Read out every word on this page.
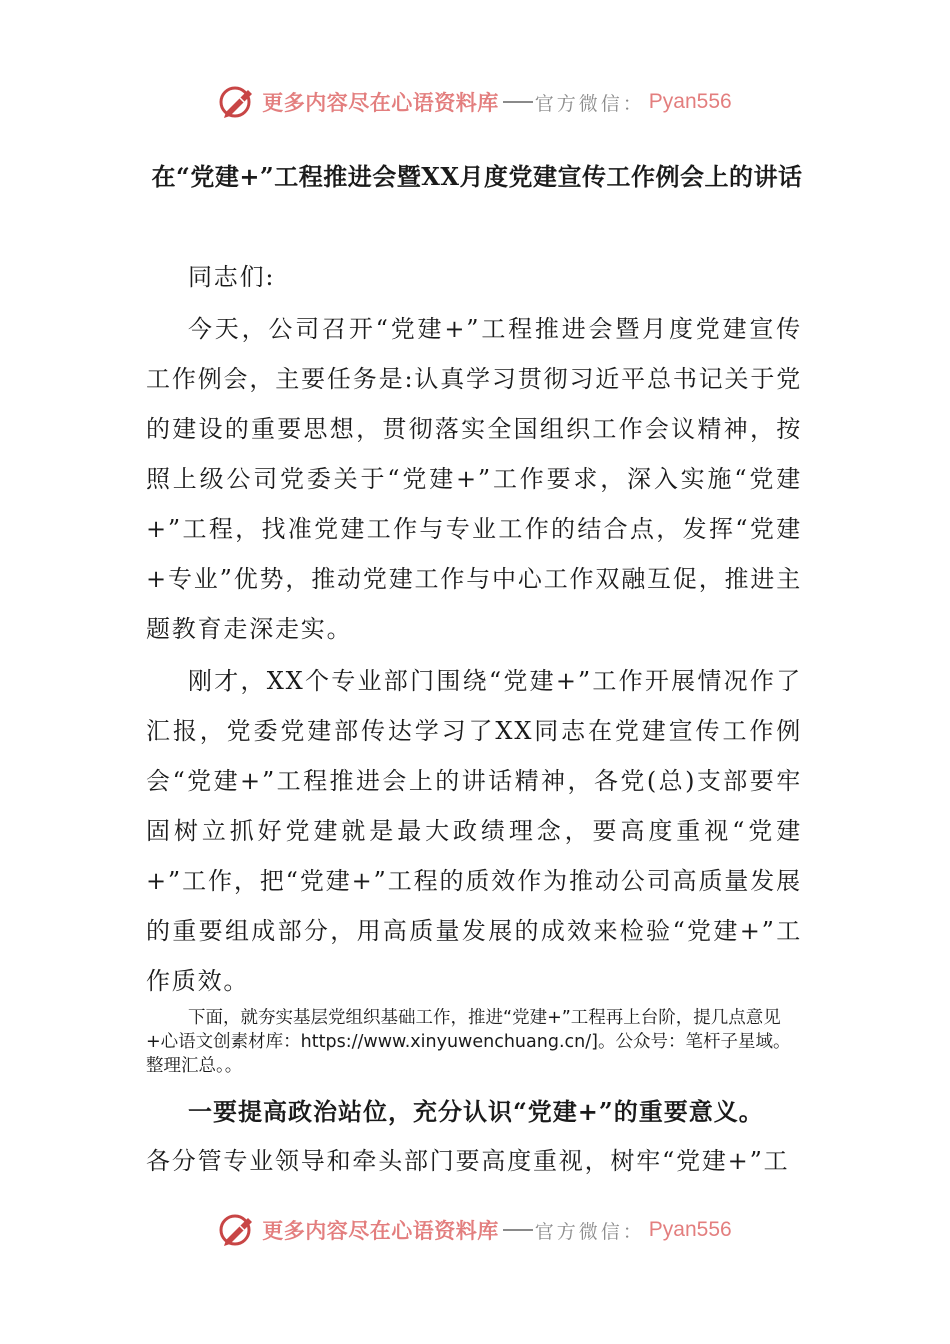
更多内容尽在心语资料库 官方微信： Pyan556
在“党建+”工程推进会暨XX月度党建宣传工作例会上的讲话

同志们:

今天，公司召开“党建+”工程推进会暨月度党建宣传工作例会，主要任务是:认真学习贯彻习近平总书记关于党的建设的重要思想，贯彻落实全国组织工作会议精神，按照上级公司党委关于“党建+”工作要求，深入实施“党建+”工程，找准党建工作与专业工作的结合点，发挥“党建+专业”优势，推动党建工作与中心工作双融互促，推进主题教育走深走实。

刚才，XX个专业部门围绕“党建+”工作开展情况作了汇报，党委党建部传达学习了XX同志在党建宣传工作例会“党建+”工程推进会上的讲话精神，各党(总)支部要牢固树立抓好党建就是最大政绩理念，要高度重视“党建+”工作，把“党建+”工程的质效作为推动公司高质量发展的重要组成部分，用高质量发展的成效来检验“党建+”工作质效。

下面，就夯实基层党组织基础工作，推进“党建+”工程再上台阶，提几点意见+心语文创素材库：https://www.xinyuwenchuang.cn/]。公众号：笔杆子星域。整理汇总。。

一要提高政治站位，充分认识“党建+”的重要意义。

各分管专业领导和牵头部门要高度重视，树牢“党建+”工

更多内容尽在心语资料库 官方微信： Pyan556
